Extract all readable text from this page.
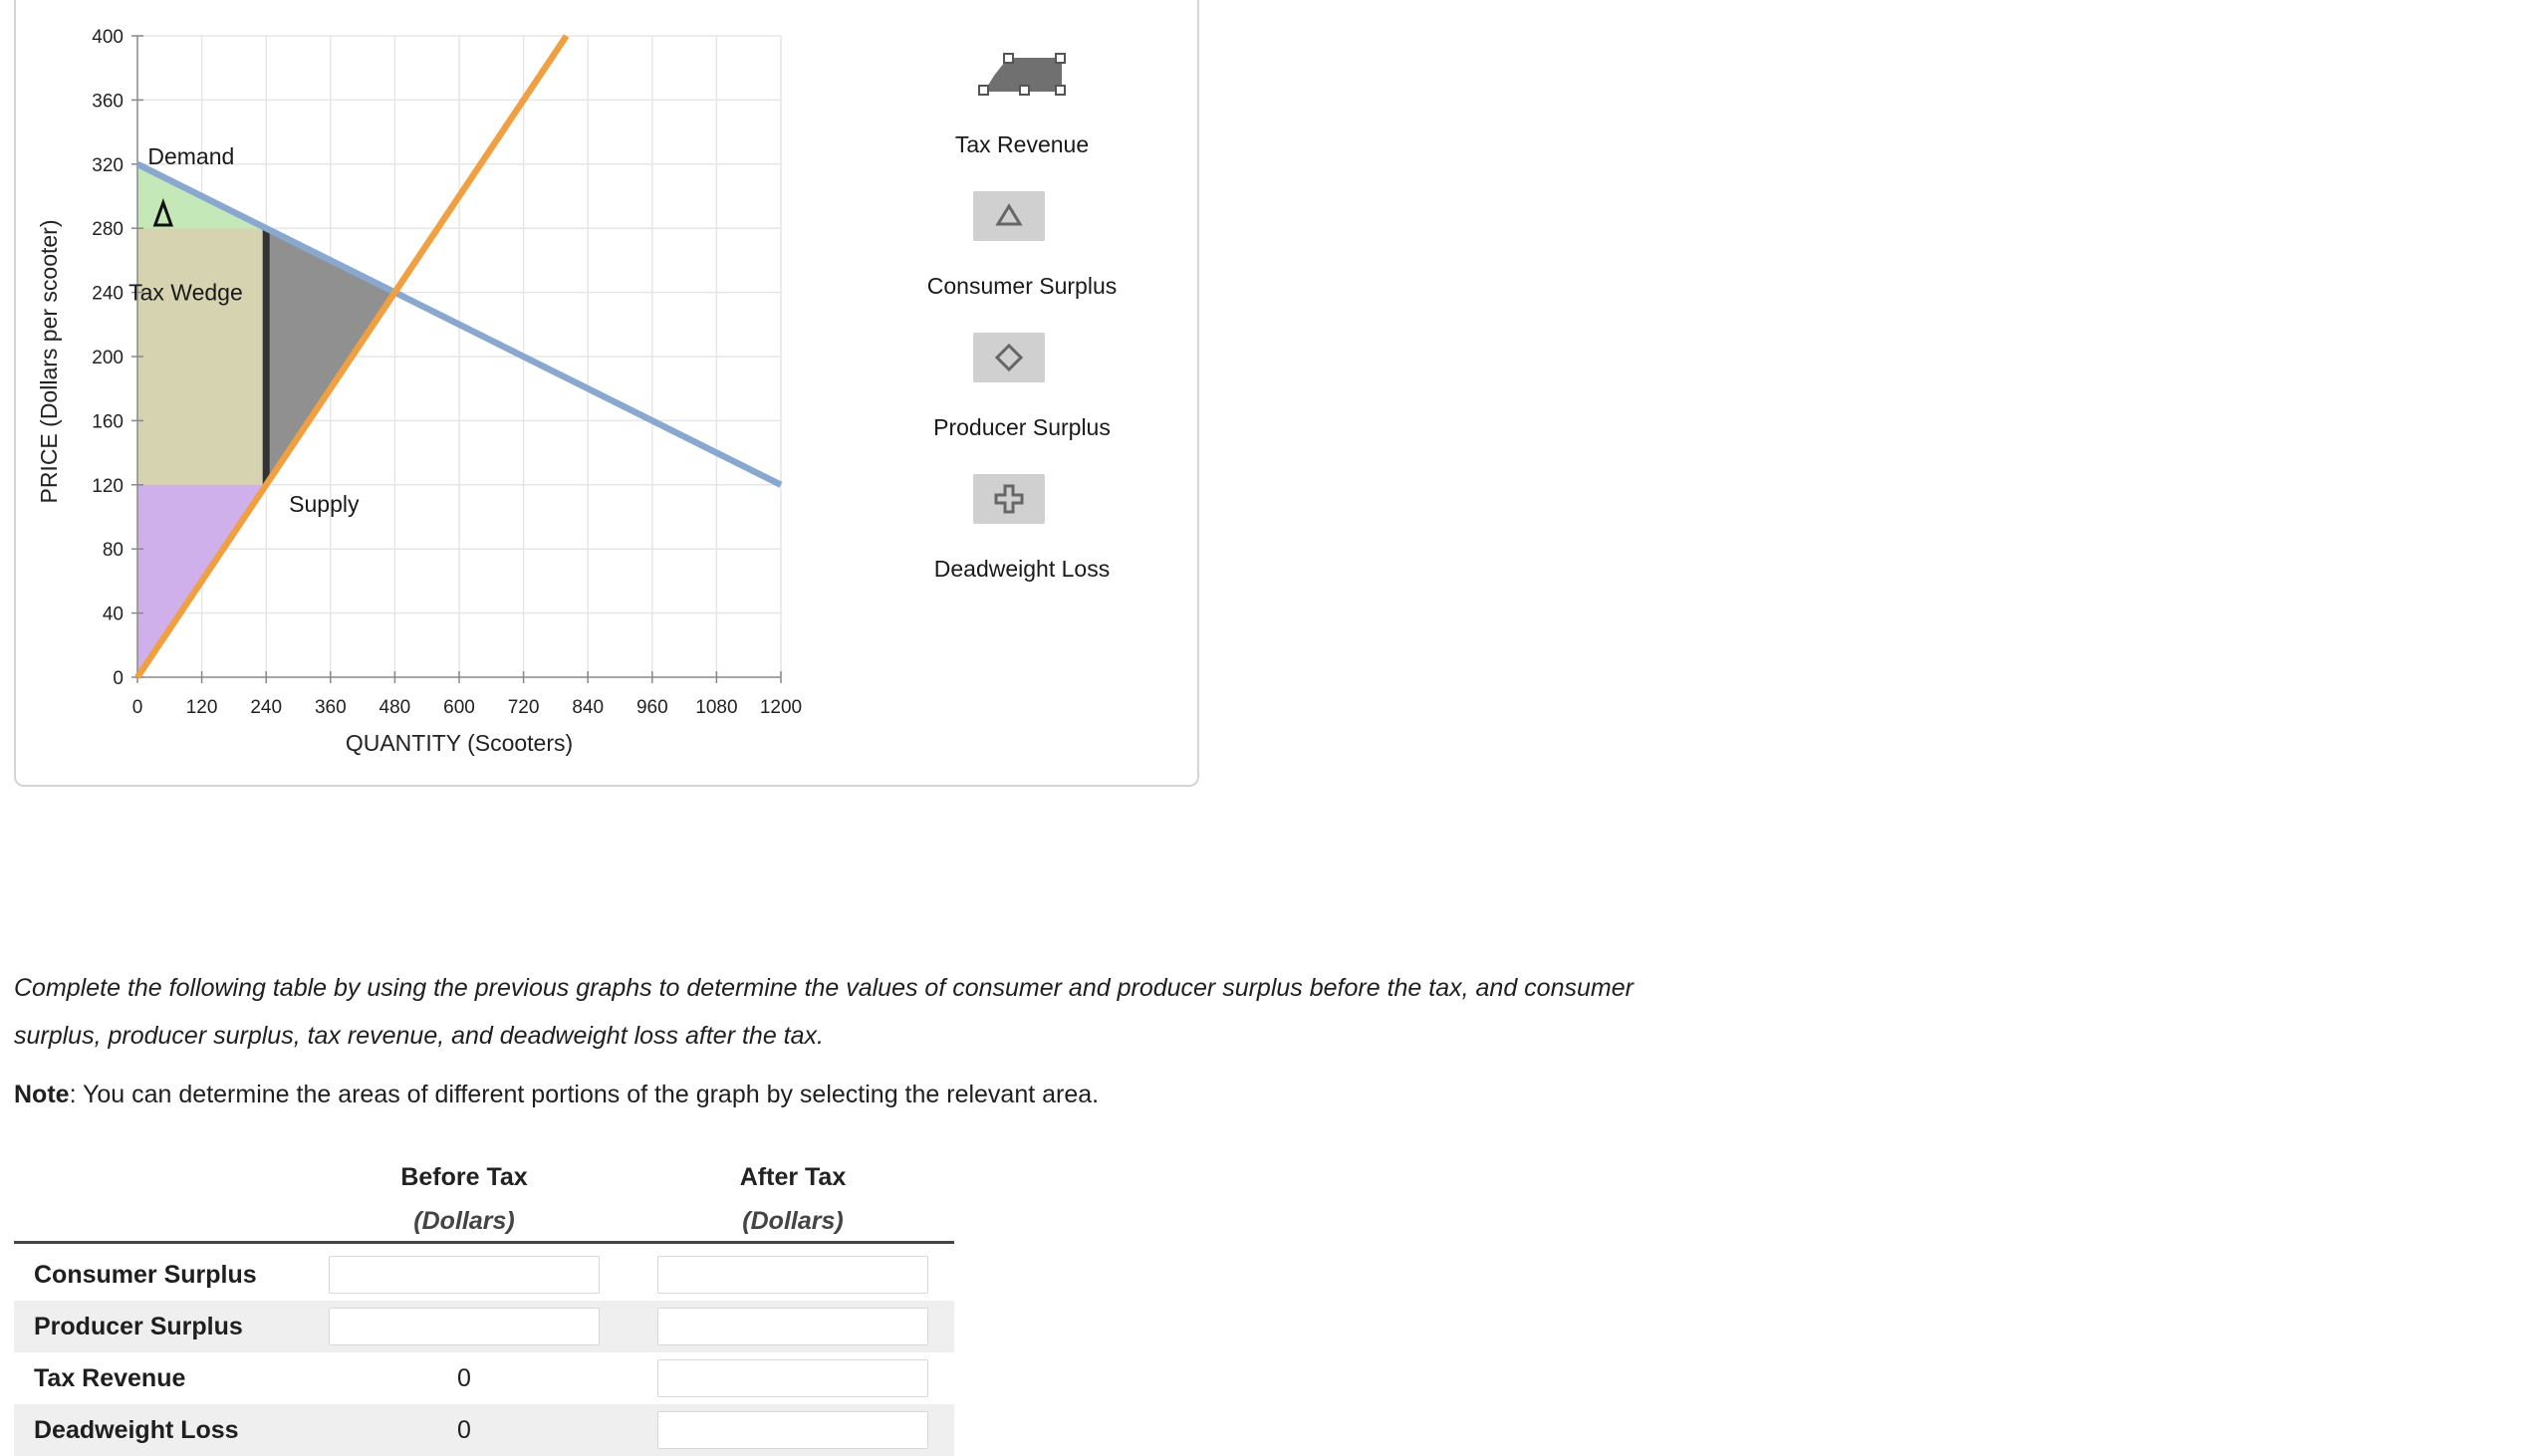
0 120 240 360 480 600 720 840 960 1080 1200
0
40
80
120
160
200
240
280
320
360
400
QUANTITY (Scooters)
PRICE (Dollars per scooter)
Demand
Tax Wedge
Supply
Tax Revenue
Consumer Surplus
Producer Surplus
Deadweight Loss
Complete the following table by using the previous graphs to determine the values of consumer and producer surplus before the tax, and consumer
surplus, producer surplus, tax revenue, and deadweight loss after the tax.
Note: You can determine the areas of different portions of the graph by selecting the relevant area.
Before Tax
(Dollars)
After Tax
(Dollars)
Consumer Surplus
Producer Surplus
Tax Revenue	0
Deadweight Loss	0
